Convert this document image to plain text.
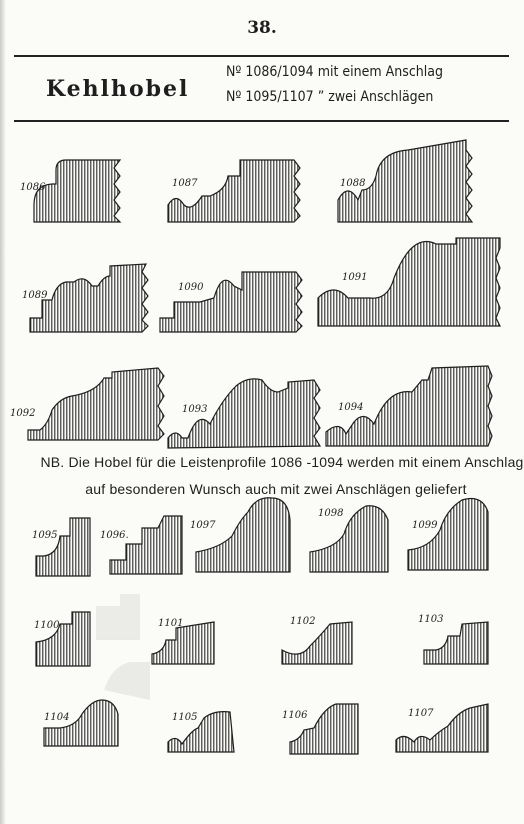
38.
Kehlhobel
Nº 1086/1094 mit einem Anschlag
Nº 1095/1107 ” zwei Anschlägen
1086	1087	1088
1089
1090
1091
1092	1093	1094
1095	1096.
1097
1098
1099
1100	1101	1102	1103
1104	1105	1106	1107
NB. Die Hobel für die Leistenprofile 1086 -1094 werden mit einem Anschlag
auf besonderen Wunsch auch mit zwei Anschlägen geliefert
